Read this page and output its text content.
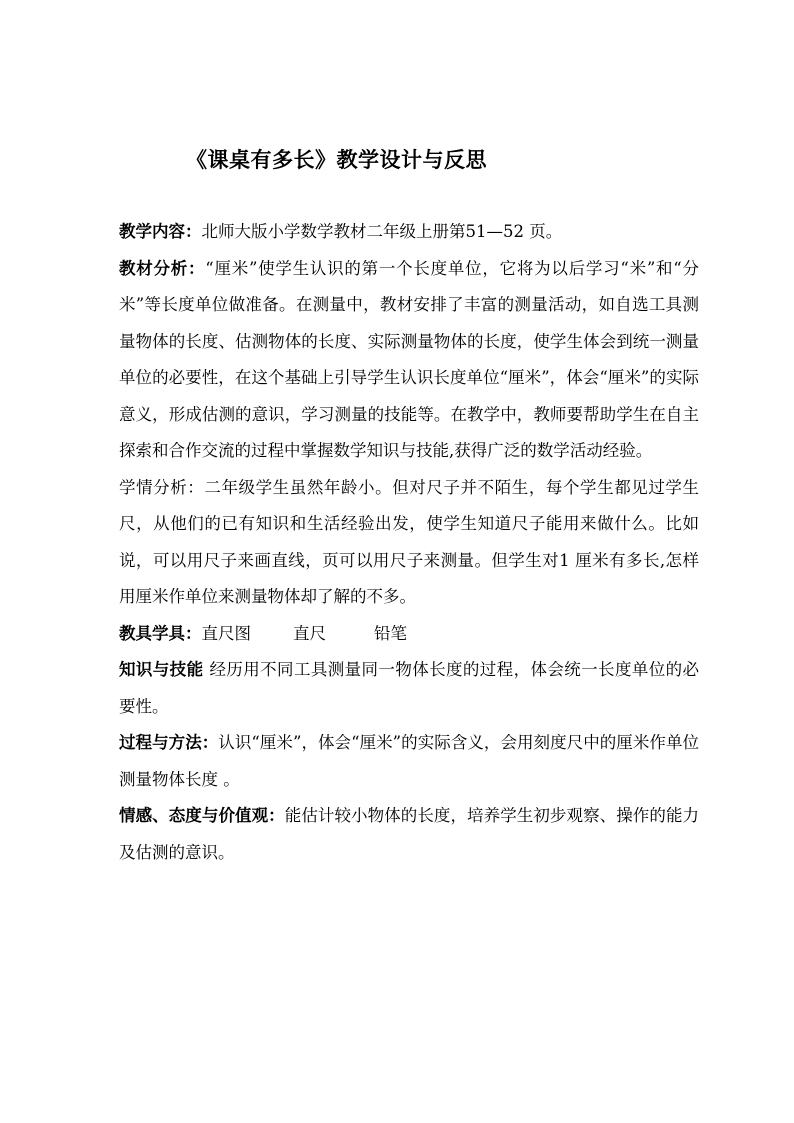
《课桌有多长》教学设计与反思

教学内容：北师大版小学数学教材二年级上册第51—52 页。

教材分析：“厘米”使学生认识的第一个长度单位，它将为以后学习“米”和“分米”等长度单位做准备。在测量中，教材安排了丰富的测量活动，如自选工具测量物体的长度、估测物体的长度、实际测量物体的长度，使学生体会到统一测量单位的必要性，在这个基础上引导学生认识长度单位“厘米”，体会“厘米”的实际意义，形成估测的意识，学习测量的技能等。在教学中，教师要帮助学生在自主探索和合作交流的过程中掌握数学知识与技能,获得广泛的数学活动经验。

学情分析：二年级学生虽然年龄小。但对尺子并不陌生，每个学生都见过学生尺，从他们的已有知识和生活经验出发，使学生知道尺子能用来做什么。比如说，可以用尺子来画直线，页可以用尺子来测量。但学生对1 厘米有多长,怎样用厘米作单位来测量物体却了解的不多。

教具学具：直尺图	直尺	铅笔

知识与技能 经历用不同工具测量同一物体长度的过程，体会统一长度单位的必要性。

过程与方法：认识“厘米”，体会“厘米”的实际含义，会用刻度尺中的厘米作单位测量物体长度 。

情感、态度与价值观：能估计较小物体的长度，培养学生初步观察、操作的能力及估测的意识。
